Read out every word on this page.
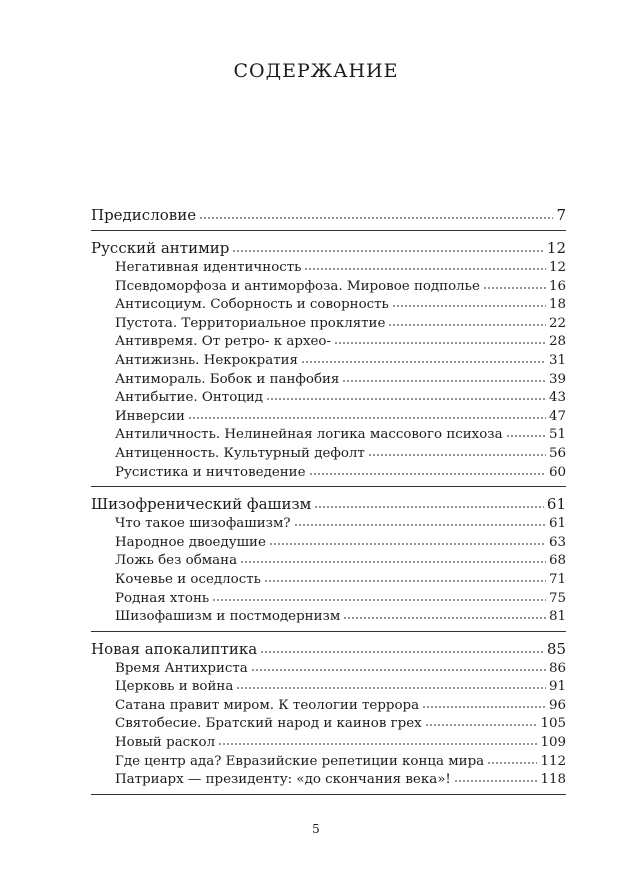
СОДЕРЖАНИЕ
Предисловие	7
Русский антимир	12
Негативная идентичность	12
Псевдоморфоза и антиморфоза. Мировое подполье	16
Антисоциум. Соборность и соворность	18
Пустота. Территориальное проклятие	22
Антивремя. От ретро- к архео-	28
Антижизнь. Некрократия	31
Антимораль. Бобок и панфобия	39
Антибытие. Онтоцид	43
Инверсии	47
Антиличность. Нелинейная логика массового психоза	51
Антиценность. Культурный дефолт	56
Русистика и ничтоведение	60
Шизофренический фашизм	61
Что такое шизофашизм?	61
Народное двоедушие	63
Ложь без обмана	68
Кочевье и оседлость	71
Родная хтонь	75
Шизофашизм и постмодернизм	81
Новая апокалиптика	85
Время Антихриста	86
Церковь и война	91
Сатана правит миром. К теологии террора	96
Святобесие. Братский народ и каинов грех	105
Новый раскол	109
Где центр ада? Евразийские репетиции конца мира	112
Патриарх — президенту: «до скончания века»!	118
5
